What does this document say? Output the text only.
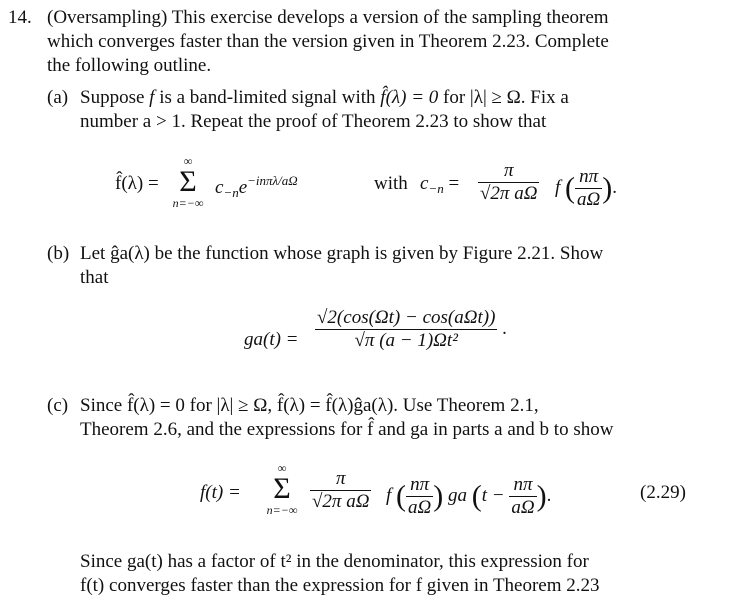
14. (Oversampling) This exercise develops a version of the sampling theorem
which converges faster than the version given in Theorem 2.23. Complete
the following outline.
(a) Suppose f is a band-limited signal with f̂(λ) = 0 for |λ| ≥ Ω. Fix a
number a > 1. Repeat the proof of Theorem 2.23 to show that
f̂(λ) =
∞
Σ
n=−∞
$c_{-n}e^{-in\pi\lambda/a\Omega}$	with $c_{-n} = \frac{\pi}{\text{√2π aΩ}}$ f ( $\frac{n\pi}{a\Omega}$ ).
(b) Let ĝa(λ) be the function whose graph is given by Figure 2.21. Show
that
$ga(t) = \frac{\text{√2(cos(Ωt) − cos(aΩt))}}{\text{√π (a − 1)Ωt²}}$ .
(c) Since f̂(λ) = 0 for |λ| ≥ Ω, f̂(λ) = f̂(λ)ĝa(λ). Use Theorem 2.1,
Theorem 2.6, and the expressions for f̂ and ga in parts a and b to show
f(t) =
∞
Σ
$n=-\infty \frac{\pi}{\text{√2π aΩ}}$ f ( $\frac{n\pi}{a\Omega}$ ) ga ($t - \frac{n\pi}{a\Omega}$ ).	(2.29)
Since ga(t) has a factor of t² in the denominator, this expression for
f(t) converges faster than the expression for f given in Theorem 2.23
